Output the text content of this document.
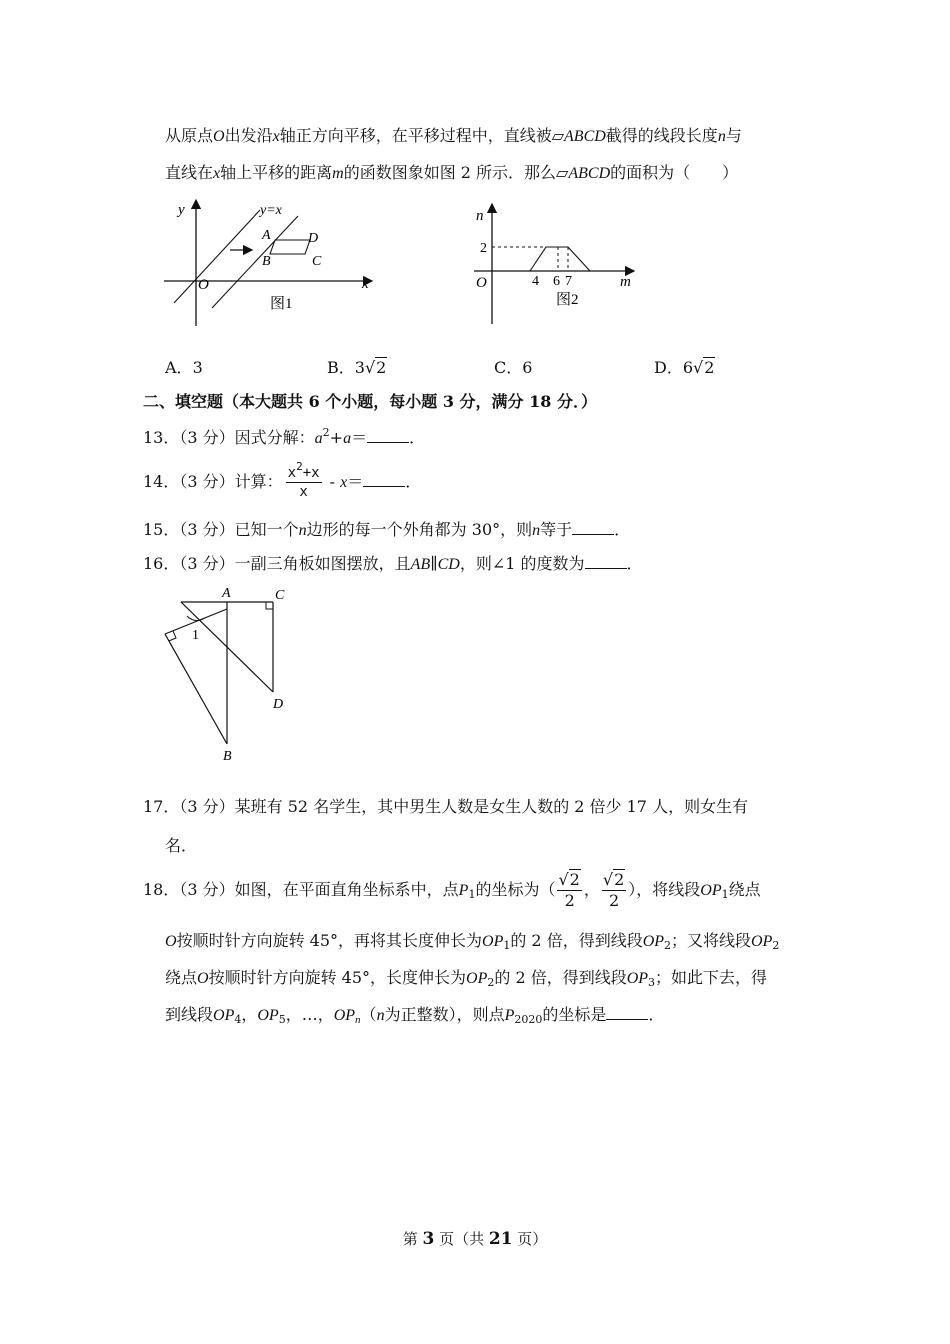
从原点O出发沿x轴正方向平移，在平移过程中，直线被▱ABCD截得的线段长度n与
直线在x轴上平移的距离m的函数图象如图 2 所示．那么▱ABCD的面积为（　　）
y
x
O
y=x
A
B	C
D
图1
n
m
O
2
4 6 7
图2
A．3	B．3√2	C．6	D．6√2
二、填空题（本大题共 6 个小题，每小题 3 分，满分 18 分．）
13．（3 分）因式分解：$a^2+a=$	．
14．（3 分）计算： $\frac{x^2+x}{x} - x=$	．
15．（3 分）已知一个n边形的每一个外角都为 30°，则n等于	．
16．（3 分）一副三角板如图摆放，且AB∥CD，则∠1 的度数为	．
A
B
C
D
1
17．（3 分）某班有 52 名学生，其中男生人数是女生人数的 2 倍少 17 人，则女生有
名．
18．（3 分）如图，在平面直角坐标系中，点$P_1$的坐标为（ $\frac{√2}{2}$ ， $\frac{√2}{2}$ ），将线段$OP_1$绕点
O按顺时针方向旋转 45°，再将其长度伸长为$OP_1$的 2 倍，得到线段$OP_2$；又将线段$OP_2$
绕点O按顺时针方向旋转 45°，长度伸长为$OP_2$的 2 倍，得到线段$OP_3$；如此下去，得
到线段$OP_4$，$OP_5$，…，$OP_n(n$为正整数），则点$P_{2020}$的坐标是	．
第 3 页（共 21 页）
